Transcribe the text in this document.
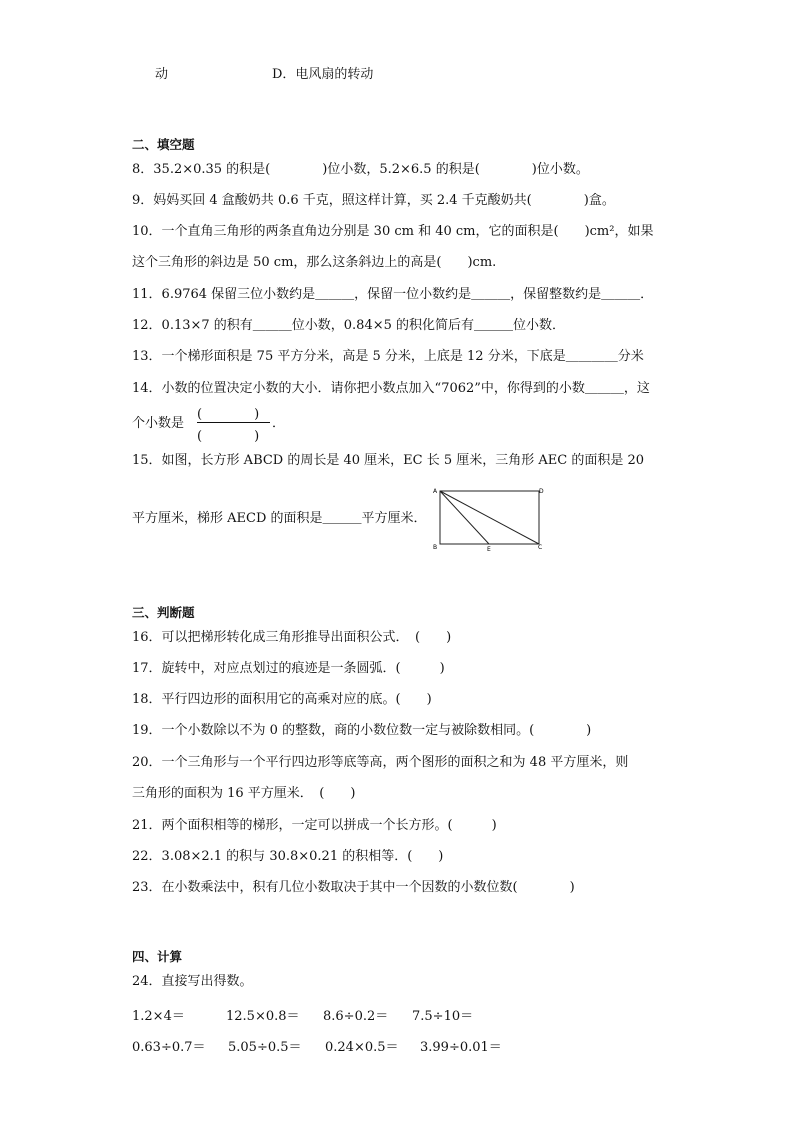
动	D．电风扇的转动
二、填空题
8．35.2×0.35 的积是(　　　　)位小数，5.2×6.5 的积是(　　　　)位小数。
9．妈妈买回 4 盒酸奶共 0.6 千克，照这样计算，买 2.4 千克酸奶共(　　　　)盒。
10．一个直角三角形的两条直角边分别是 30 cm 和 40 cm，它的面积是(　　)cm²，如果
这个三角形的斜边是 50 cm，那么这条斜边上的高是(　　)cm.
11．6.9764 保留三位小数约是＿＿＿，保留一位小数约是＿＿＿，保留整数约是＿＿＿．
12．0.13×7 的积有＿＿＿位小数，0.84×5 的积化简后有＿＿＿位小数．
13．一个梯形面积是 75 平方分米，高是 5 分米，上底是 12 分米，下底是＿＿＿＿分米
14．小数的位置决定小数的大小．请你把小数点加入“7062”中，你得到的小数＿＿＿，这
个小数是
(　　　　)
(　　　　)
．
15．如图，长方形 ABCD 的周长是 40 厘米，EC 长 5 厘米，三角形 AEC 的面积是 20
平方厘米，梯形 AECD 的面积是＿＿＿平方厘米．
A	D
B	E	C
三、判断题
16．可以把梯形转化成三角形推导出面积公式．　(　　)
17．旋转中，对应点划过的痕迹是一条圆弧．(　　　)
18．平行四边形的面积用它的高乘对应的底。(　　)
19．一个小数除以不为 0 的整数，商的小数位数一定与被除数相同。(　　　　)
20．一个三角形与一个平行四边形等底等高，两个图形的面积之和为 48 平方厘米，则
三角形的面积为 16 平方厘米．　(　　)
21．两个面积相等的梯形，一定可以拼成一个长方形。(　　　)
22．3.08×2.1 的积与 30.8×0.21 的积相等．(　　)
23．在小数乘法中，积有几位小数取决于其中一个因数的小数位数(　　　　)
四、计算
24．直接写出得数。
1.2×4＝	12.5×0.8＝ 8.6÷0.2＝ 7.5÷10＝
0.63÷0.7＝ 5.05÷0.5＝ 0.24×0.5＝ 3.99÷0.01＝
